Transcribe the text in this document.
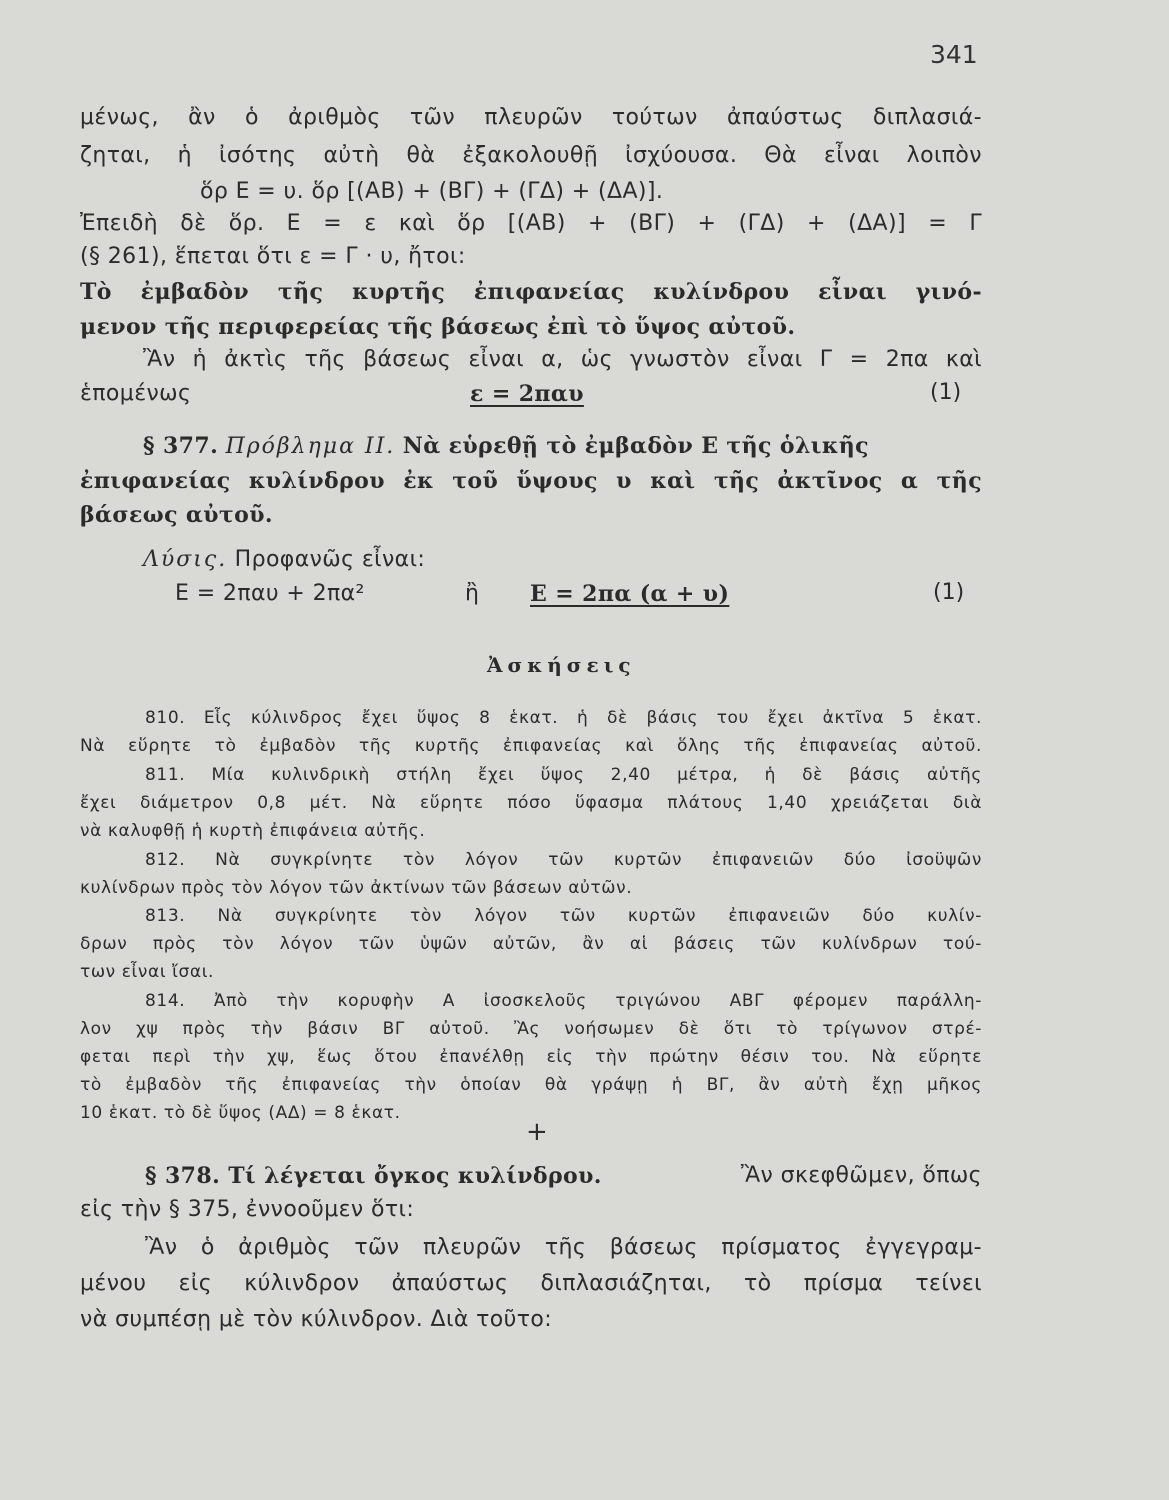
341
μένως, ἂν ὁ ἀριθμὸς τῶν πλευρῶν τούτων ἀπαύστως διπλασιά-
ζηται, ἡ ἰσότης αὐτὴ θὰ ἐξακολουθῇ ἰσχύουσα. Θὰ εἶναι λοιπὸν
ὅρ Ε = υ. ὅρ [(ΑΒ) + (ΒΓ) + (ΓΔ) + (ΔΑ)].
Ἐπειδὴ δὲ ὅρ. Ε = ε καὶ ὅρ [(ΑΒ) + (ΒΓ) + (ΓΔ) + (ΔΑ)] = Γ
(§ 261), ἕπεται ὅτι ε = Γ · υ, ἤτοι:
Τὸ ἐμβαδὸν τῆς κυρτῆς ἐπιφανείας κυλίνδρου εἶναι γινό-
μενον τῆς περιφερείας τῆς βάσεως ἐπὶ τὸ ὕψος αὐτοῦ.
Ἂν ἡ ἀκτὶς τῆς βάσεως εἶναι α, ὡς γνωστὸν εἶναι Γ = 2πα καὶ
ἑπομένως	ε = 2παυ	(1)
§ 377. Πρόβλημα ΙΙ. Νὰ εὑρεθῇ τὸ ἐμβαδὸν Ε τῆς ὁλικῆς
ἐπιφανείας κυλίνδρου ἐκ τοῦ ὕψους υ καὶ τῆς ἀκτῖνος α τῆς
βάσεως αὐτοῦ.
Λύσις. Προφανῶς εἶναι:
Ε = 2παυ + 2πα²	ἢ Ε = 2πα (α + υ)	(1)
Ἀσκήσεις
810. Εἷς κύλινδρος ἔχει ὕψος 8 ἑκατ. ἡ δὲ βάσις του ἔχει ἀκτῖνα 5 ἑκατ.
Νὰ εὕρητε τὸ ἐμβαδὸν τῆς κυρτῆς ἐπιφανείας καὶ ὅλης τῆς ἐπιφανείας αὐτοῦ.
811. Μία κυλινδρικὴ στήλη ἔχει ὕψος 2,40 μέτρα, ἡ δὲ βάσις αὐτῆς
ἔχει διάμετρον 0,8 μέτ. Νὰ εὕρητε πόσο ὕφασμα πλάτους 1,40 χρειάζεται διὰ
νὰ καλυφθῇ ἡ κυρτὴ ἐπιφάνεια αὐτῆς.
812. Νὰ συγκρίνητε τὸν λόγον τῶν κυρτῶν ἐπιφανειῶν δύο ἰσοϋψῶν
κυλίνδρων πρὸς τὸν λόγον τῶν ἀκτίνων τῶν βάσεων αὐτῶν.
813. Νὰ συγκρίνητε τὸν λόγον τῶν κυρτῶν ἐπιφανειῶν δύο κυλίν-
δρων πρὸς τὸν λόγον τῶν ὑψῶν αὐτῶν, ἂν αἱ βάσεις τῶν κυλίνδρων τού-
των εἶναι ἴσαι.
814. Ἀπὸ τὴν κορυφὴν Α ἰσοσκελοῦς τριγώνου ΑΒΓ φέρομεν παράλλη-
λον χψ πρὸς τὴν βάσιν ΒΓ αὐτοῦ. Ἂς νοήσωμεν δὲ ὅτι τὸ τρίγωνον στρέ-
φεται περὶ τὴν χψ, ἕως ὅτου ἐπανέλθῃ εἰς τὴν πρώτην θέσιν του. Νὰ εὕρητε
τὸ ἐμβαδὸν τῆς ἐπιφανείας τὴν ὁποίαν θὰ γράψῃ ἡ ΒΓ, ἂν αὐτὴ ἔχῃ μῆκος
10 ἑκατ. τὸ δὲ ὕψος (ΑΔ) = 8 ἑκατ.
+
§ 378. Τί λέγεται ὄγκος κυλίνδρου.	Ἂν σκεφθῶμεν, ὅπως
εἰς τὴν § 375, ἐννοοῦμεν ὅτι:
Ἂν ὁ ἀριθμὸς τῶν πλευρῶν τῆς βάσεως πρίσματος ἐγγεγραμ-
μένου εἰς κύλινδρον ἀπαύστως διπλασιάζηται, τὸ πρίσμα τείνει
νὰ συμπέσῃ μὲ τὸν κύλινδρον. Διὰ τοῦτο:
